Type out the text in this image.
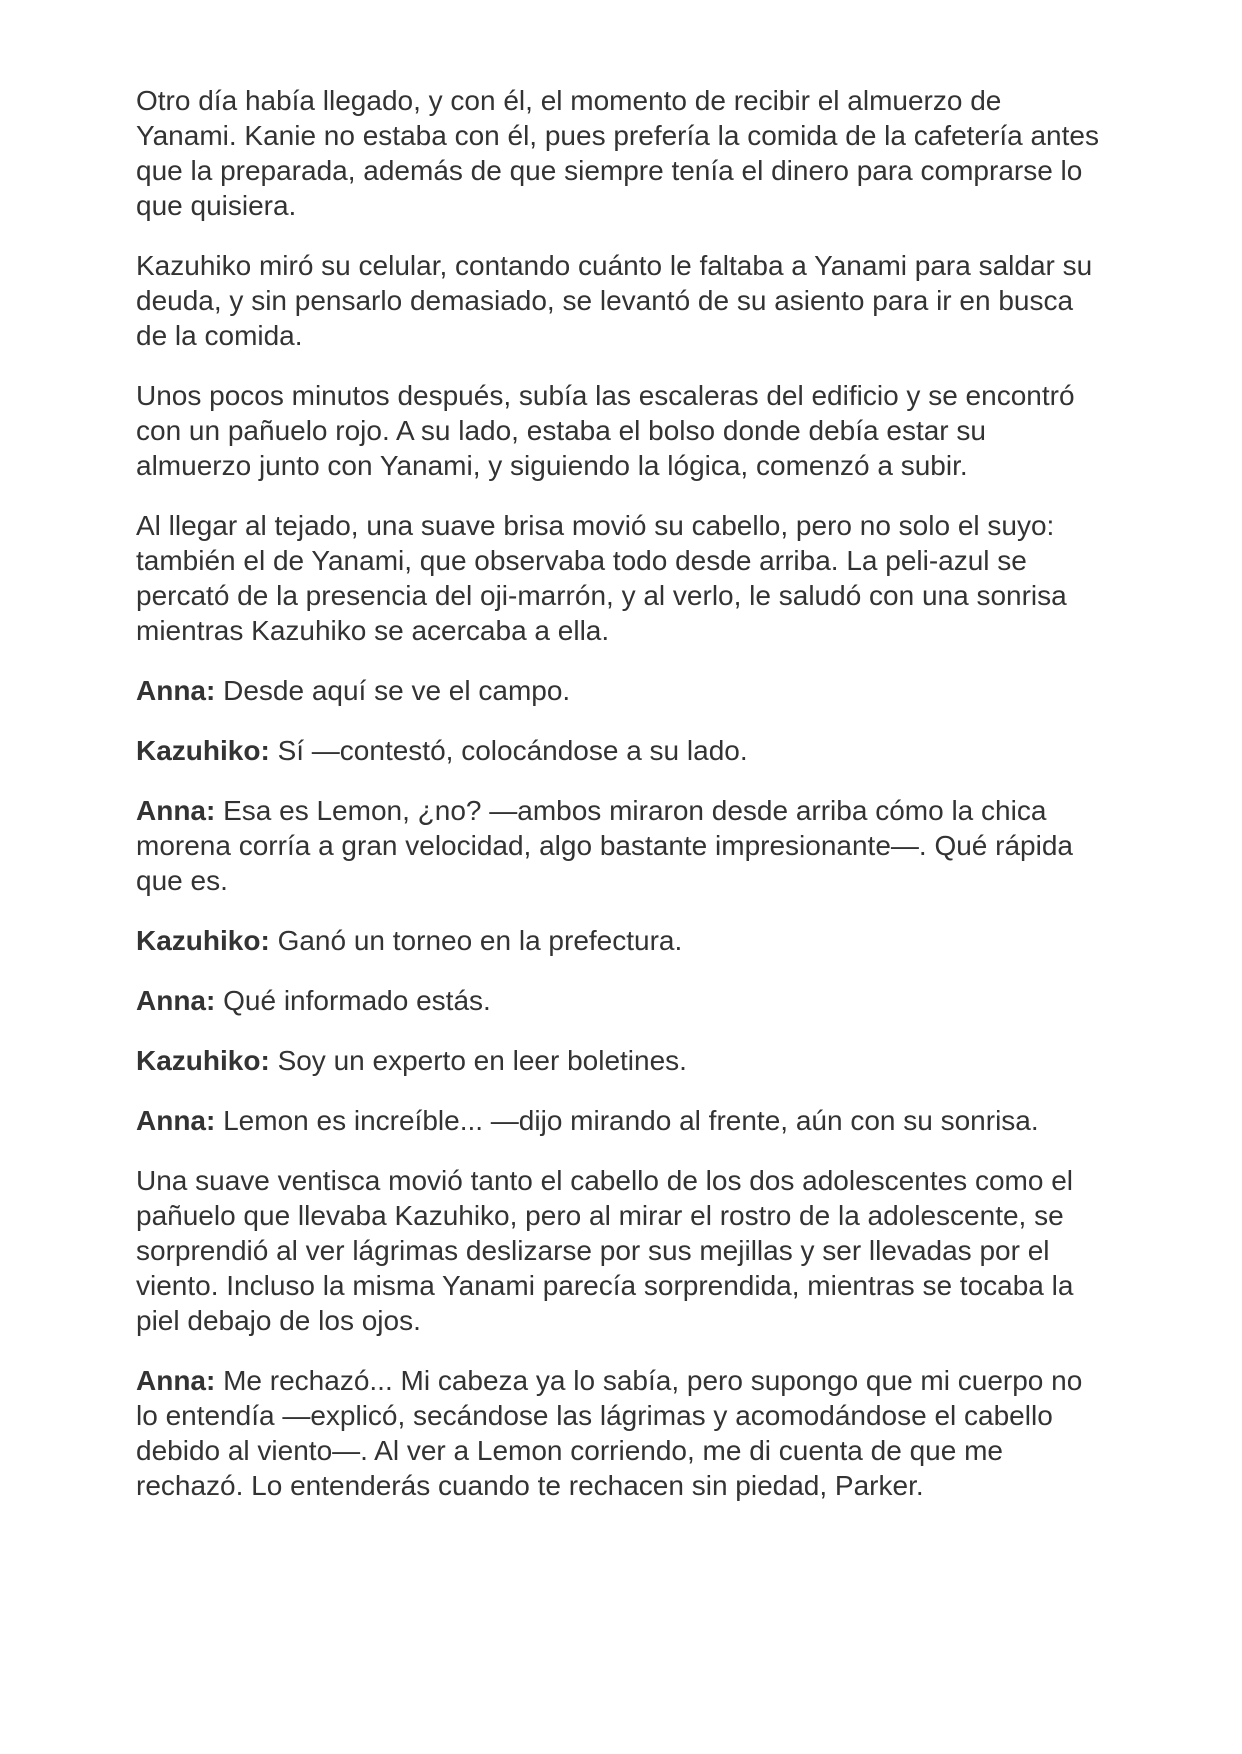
Otro día había llegado, y con él, el momento de recibir el almuerzo de Yanami. Kanie no estaba con él, pues prefería la comida de la cafetería antes que la preparada, además de que siempre tenía el dinero para comprarse lo que quisiera.

Kazuhiko miró su celular, contando cuánto le faltaba a Yanami para saldar su deuda, y sin pensarlo demasiado, se levantó de su asiento para ir en busca de la comida.

Unos pocos minutos después, subía las escaleras del edificio y se encontró con un pañuelo rojo. A su lado, estaba el bolso donde debía estar su almuerzo junto con Yanami, y siguiendo la lógica, comenzó a subir.

Al llegar al tejado, una suave brisa movió su cabello, pero no solo el suyo: también el de Yanami, que observaba todo desde arriba. La peli-azul se percató de la presencia del oji-marrón, y al verlo, le saludó con una sonrisa mientras Kazuhiko se acercaba a ella.

Anna: Desde aquí se ve el campo.

Kazuhiko: Sí —contestó, colocándose a su lado.

Anna: Esa es Lemon, ¿no? —ambos miraron desde arriba cómo la chica morena corría a gran velocidad, algo bastante impresionante—. Qué rápida que es.

Kazuhiko: Ganó un torneo en la prefectura.

Anna: Qué informado estás.

Kazuhiko: Soy un experto en leer boletines.

Anna: Lemon es increíble... —dijo mirando al frente, aún con su sonrisa.

Una suave ventisca movió tanto el cabello de los dos adolescentes como el pañuelo que llevaba Kazuhiko, pero al mirar el rostro de la adolescente, se sorprendió al ver lágrimas deslizarse por sus mejillas y ser llevadas por el viento. Incluso la misma Yanami parecía sorprendida, mientras se tocaba la piel debajo de los ojos.

Anna: Me rechazó... Mi cabeza ya lo sabía, pero supongo que mi cuerpo no lo entendía —explicó, secándose las lágrimas y acomodándose el cabello debido al viento—. Al ver a Lemon corriendo, me di cuenta de que me rechazó. Lo entenderás cuando te rechacen sin piedad, Parker.
